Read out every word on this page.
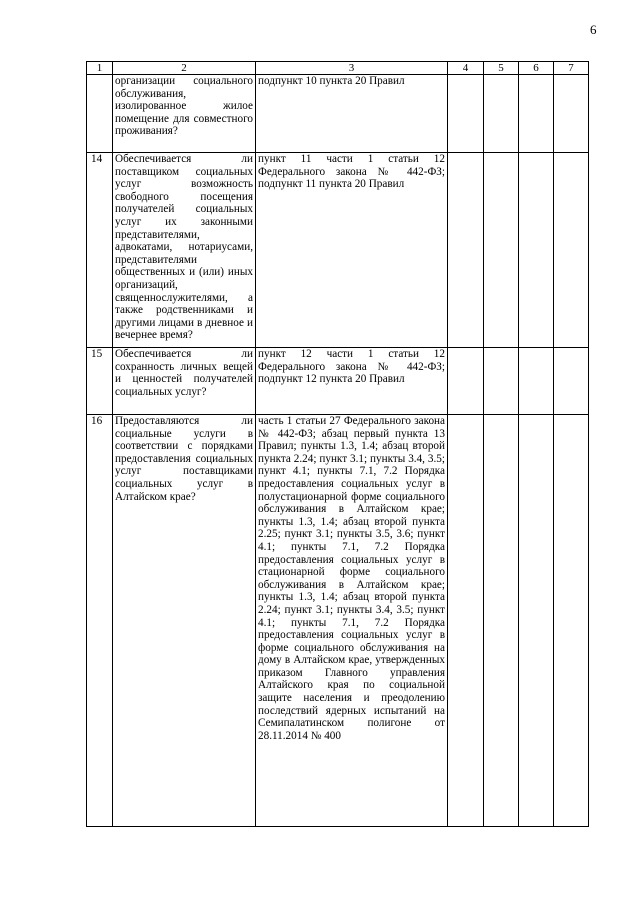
6
1	2	3	4	5	6	7
	организации социального обслуживания, изолированное жилое помещение для совместного проживания?	подпункт 10 пункта 20 Правил				
14	Обеспечивается ли поставщиком социальных услуг возможность свободного посещения получателей социальных услуг их законными представителями, адвокатами, нотариусами, представителями общественных и (или) иных организаций, священнослужителями, а также родственниками и другими лицами в дневное и вечернее время?	пункт 11 части 1 статьи 12 Федерального закона № 442-ФЗ; подпункт 11 пункта 20 Правил				
15	Обеспечивается ли сохранность личных вещей и ценностей получателей социальных услуг?	пункт 12 части 1 статьи 12 Федерального закона № 442-ФЗ; подпункт 12 пункта 20 Правил				
16	Предоставляются ли социальные услуги в соответствии с порядками предоставления социальных услуг поставщиками социальных услуг в Алтайском крае?	часть 1 статьи 27 Федерального закона № 442-ФЗ; абзац первый пункта 13 Правил; пункты 1.3, 1.4; абзац второй пункта 2.24; пункт 3.1; пункты 3.4, 3.5; пункт 4.1; пункты 7.1, 7.2 Порядка предоставления социальных услуг в полустационарной форме социального обслуживания в Алтайском крае; пункты 1.3, 1.4; абзац второй пункта 2.25; пункт 3.1; пункты 3.5, 3.6; пункт 4.1; пункты 7.1, 7.2 Порядка предоставления социальных услуг в стационарной форме социального обслуживания в Алтайском крае; пункты 1.3, 1.4; абзац второй пункта 2.24; пункт 3.1; пункты 3.4, 3.5; пункт 4.1; пункты 7.1, 7.2 Порядка предоставления социальных услуг в форме социального обслуживания на дому в Алтайском крае, утвержденных приказом Главного управления Алтайского края по социальной защите населения и преодолению последствий ядерных испытаний на Семипалатинском полигоне от 28.11.2014 № 400				
